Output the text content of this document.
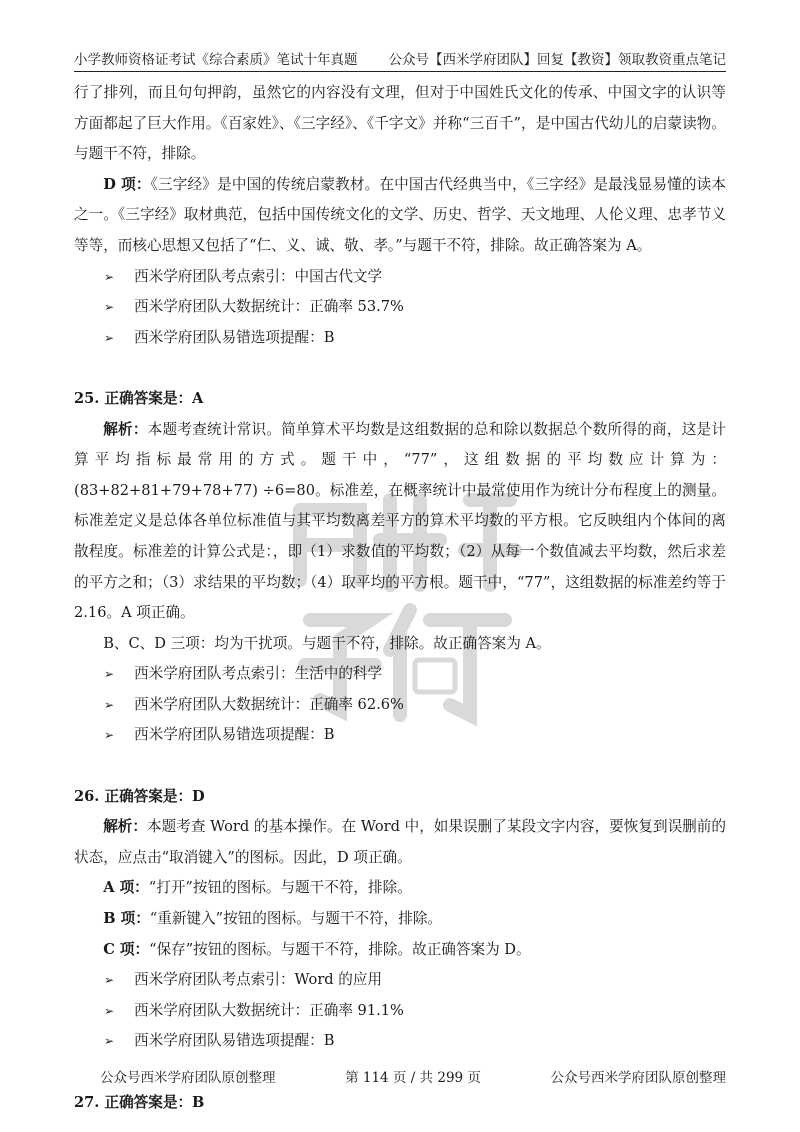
小学教师资格证考试《综合素质》笔试十年真题 公众号【西米学府团队】回复【教资】领取教资重点笔记

行了排列，而且句句押韵，虽然它的内容没有文理，但对于中国姓氏文化的传承、中国文字的认识等方面都起了巨大作用。《百家姓》、《三字经》、《千字文》并称“三百千”，是中国古代幼儿的启蒙读物。与题干不符，排除。

D 项：《三字经》是中国的传统启蒙教材。在中国古代经典当中，《三字经》是最浅显易懂的读本之一。《三字经》取材典范，包括中国传统文化的文学、历史、哲学、天文地理、人伦义理、忠孝节义等等，而核心思想又包括了“仁、义、诚、敬、孝。”与题干不符，排除。故正确答案为 A。

➢	西米学府团队考点索引：中国古代文学
➢	西米学府团队大数据统计：正确率 53.7%
➢	西米学府团队易错选项提醒：B

25. 正确答案是：A

解析：本题考查统计常识。简单算术平均数是这组数据的总和除以数据总个数所得的商，这是计算平均指标最常用的方式。题干中，“77”，这组数据的平均数应计算为：(83+82+81+79+78+77) ÷6=80。标准差，在概率统计中最常使用作为统计分布程度上的测量。标准差定义是总体各单位标准值与其平均数离差平方的算术平均数的平方根。它反映组内个体间的离散程度。标准差的计算公式是：，即（1）求数值的平均数；（2）从每一个数值减去平均数，然后求差的平方之和；（3）求结果的平均数；（4）取平均的平方根。题干中，“77”，这组数据的标准差约等于 2.16。A 项正确。

B、C、D 三项：均为干扰项。与题干不符，排除。故正确答案为 A。

➢	西米学府团队考点索引：生活中的科学
➢	西米学府团队大数据统计：正确率 62.6%
➢	西米学府团队易错选项提醒：B

26. 正确答案是：D

解析：本题考查 Word 的基本操作。在 Word 中，如果误删了某段文字内容，要恢复到误删前的状态，应点击“取消键入”的图标。因此，D 项正确。

A 项：“打开”按钮的图标。与题干不符，排除。

B 项：“重新键入”按钮的图标。与题干不符，排除。

C 项：“保存”按钮的图标。与题干不符，排除。故正确答案为 D。

➢	西米学府团队考点索引：Word 的应用
➢	西米学府团队大数据统计：正确率 91.1%
➢	西米学府团队易错选项提醒：B

27. 正确答案是：B

公众号西米学府团队原创整理	第 114 页 / 共 299 页	公众号西米学府团队原创整理
